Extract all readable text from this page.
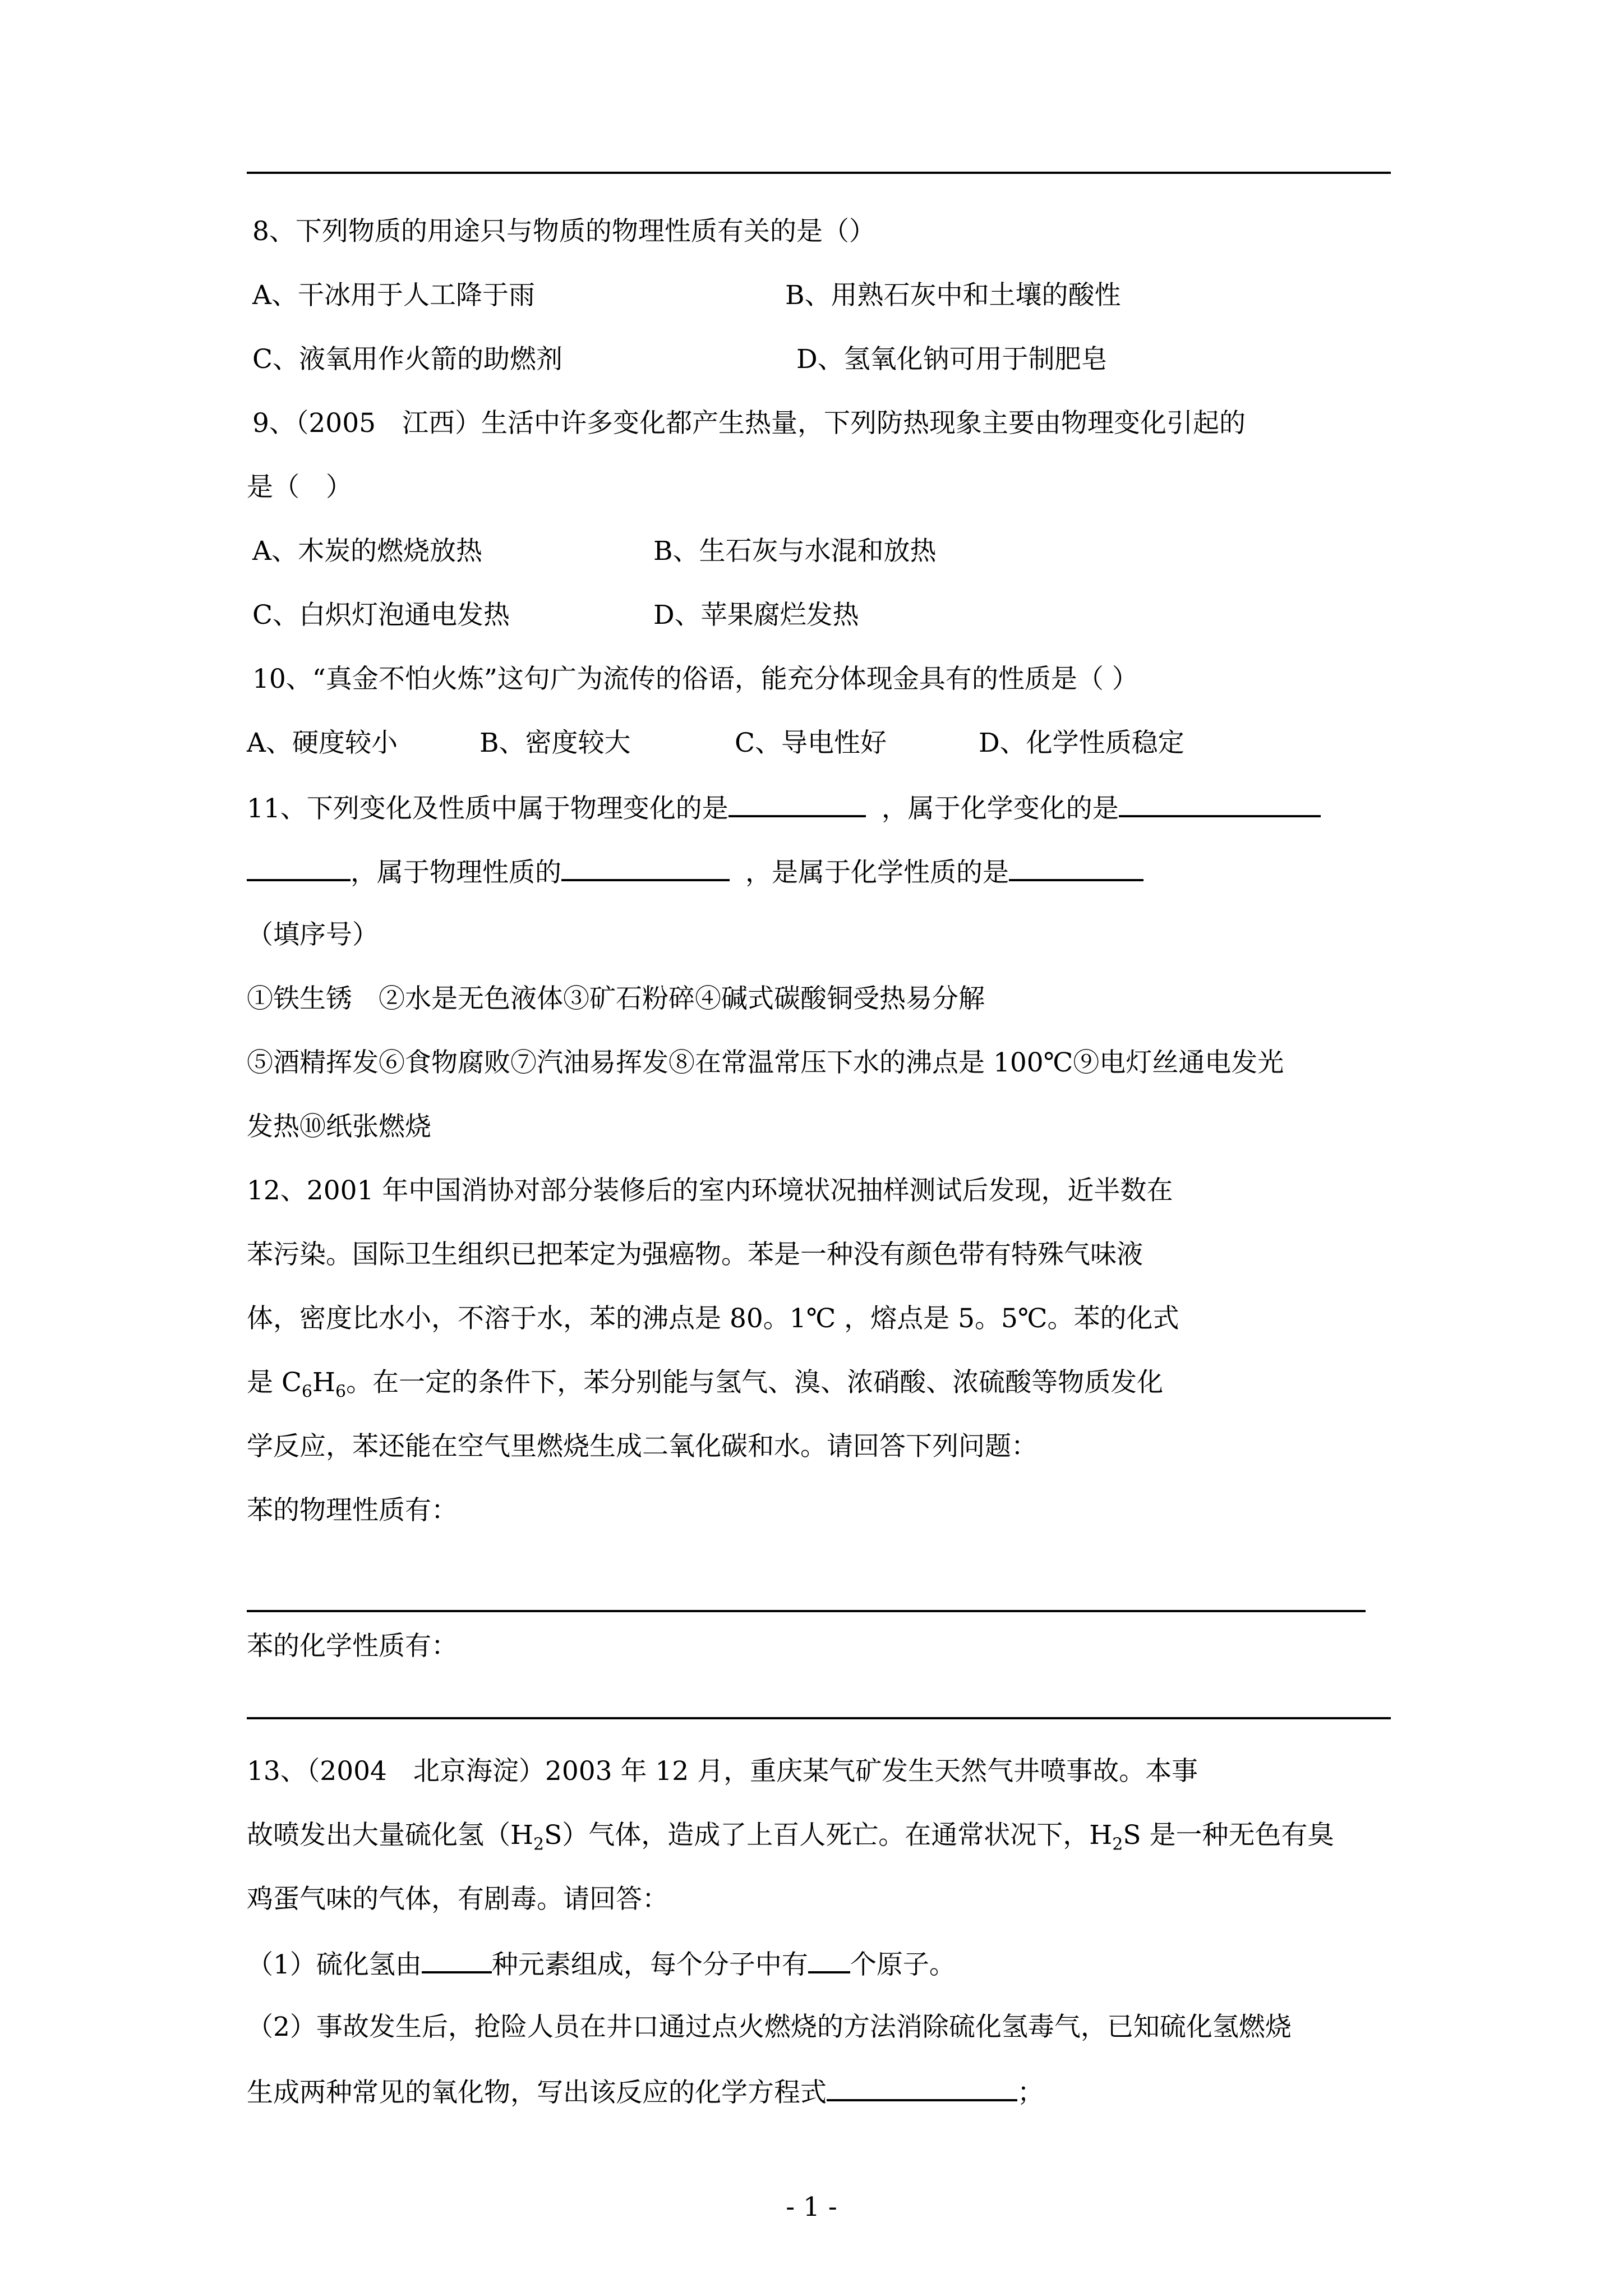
8、下列物质的用途只与物质的物理性质有关的是（）
A、干冰用于人工降于雨	B、用熟石灰中和土壤的酸性
C、液氧用作火箭的助燃剂	D、氢氧化钠可用于制肥皂
9、（2005　江西）生活中许多变化都产生热量，下列防热现象主要由物理变化引起的
是（　）
A、木炭的燃烧放热	B、生石灰与水混和放热
C、白炽灯泡通电发热	D、苹果腐烂发热
10、“真金不怕火炼”这句广为流传的俗语，能充分体现金具有的性质是（ ）
A、硬度较小	B、密度较大	C、导电性好	D、化学性质稳定
11、下列变化及性质中属于物理变化的是	，属于化学变化的是
，属于物理性质的	，是属于化学性质的是
（填序号）
①铁生锈　②水是无色液体③矿石粉碎④碱式碳酸铜受热易分解
⑤酒精挥发⑥食物腐败⑦汽油易挥发⑧在常温常压下水的沸点是 100℃⑨电灯丝通电发光
发热⑩纸张燃烧
12、2001 年中国消协对部分装修后的室内环境状况抽样测试后发现，近半数在
苯污染。国际卫生组织已把苯定为强癌物。苯是一种没有颜色带有特殊气味液
体，密度比水小，不溶于水，苯的沸点是 80。1℃ ，熔点是 5。5℃。苯的化式
是 $C_6H_6$。在一定的条件下，苯分别能与氢气、溴、浓硝酸、浓硫酸等物质发化
学反应，苯还能在空气里燃烧生成二氧化碳和水。请回答下列问题：
苯的物理性质有：
苯的化学性质有：
13、（2004　北京海淀）2003 年 12 月，重庆某气矿发生天然气井喷事故。本事
故喷发出大量硫化氢$(H_2S)$气体，造成了上百人死亡。在通常状况下，$H_2S$ 是一种无色有臭
鸡蛋气味的气体，有剧毒。请回答：
（1）硫化氢由	种元素组成，每个分子中有 个原子。
（2）事故发生后，抢险人员在井口通过点火燃烧的方法消除硫化氢毒气，已知硫化氢燃烧
生成两种常见的氧化物，写出该反应的化学方程式	；
- 1 -
